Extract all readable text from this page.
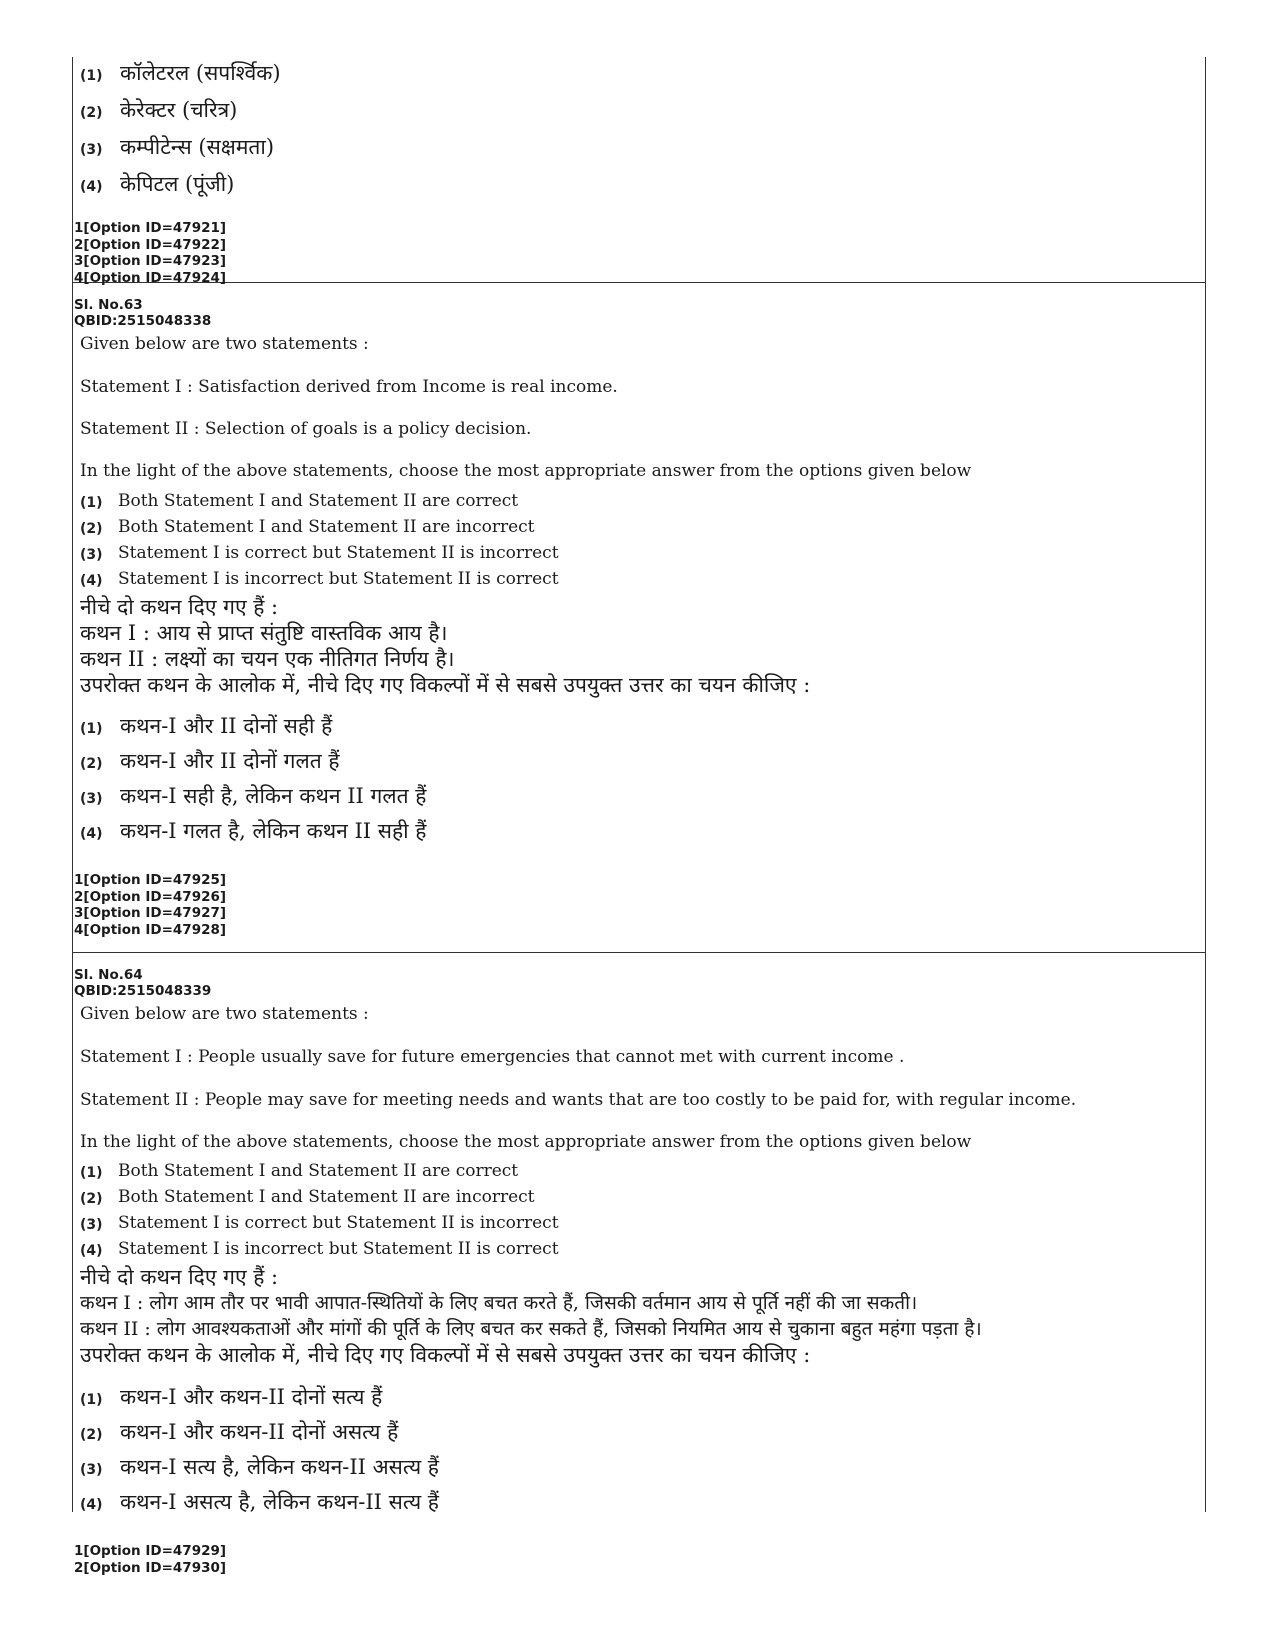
(1) कॉलेटरल (सपर्श्विक)
(2) केरेक्टर (चरित्र)
(3) कम्पीटेन्स (सक्षमता)
(4) केपिटल (पूंजी)
1[Option ID=47921]
2[Option ID=47922]
3[Option ID=47923]
4[Option ID=47924]
Sl. No.63
QBID:2515048338
Given below are two statements :
Statement I : Satisfaction derived from Income is real income.
Statement II : Selection of goals is a policy decision.
In the light of the above statements, choose the most appropriate answer from the options given below
(1) Both Statement I and Statement II are correct
(2) Both Statement I and Statement II are incorrect
(3) Statement I is correct but Statement II is incorrect
(4) Statement I is incorrect but Statement II is correct
नीचे दो कथन दिए गए हैं :
कथन I : आय से प्राप्त संतुष्टि वास्तविक आय है।
कथन II : लक्ष्यों का चयन एक नीतिगत निर्णय है।
उपरोक्त कथन के आलोक में, नीचे दिए गए विकल्पों में से सबसे उपयुक्त उत्तर का चयन कीजिए :
(1) कथन-I और II दोनों सही हैं
(2) कथन-I और II दोनों गलत हैं
(3) कथन-I सही है, लेकिन कथन II गलत हैं
(4) कथन-I गलत है, लेकिन कथन II सही हैं
1[Option ID=47925]
2[Option ID=47926]
3[Option ID=47927]
4[Option ID=47928]
Sl. No.64
QBID:2515048339
Given below are two statements :
Statement I : People usually save for future emergencies that cannot met with current income .
Statement II : People may save for meeting needs and wants that are too costly to be paid for, with regular income.
In the light of the above statements, choose the most appropriate answer from the options given below
(1) Both Statement I and Statement II are correct
(2) Both Statement I and Statement II are incorrect
(3) Statement I is correct but Statement II is incorrect
(4) Statement I is incorrect but Statement II is correct
नीचे दो कथन दिए गए हैं :
कथन I : लोग आम तौर पर भावी आपात-स्थितियों के लिए बचत करते हैं, जिसकी वर्तमान आय से पूर्ति नहीं की जा सकती।
कथन II : लोग आवश्यकताओं और मांगों की पूर्ति के लिए बचत कर सकते हैं, जिसको नियमित आय से चुकाना बहुत महंगा पड़ता है।
उपरोक्त कथन के आलोक में, नीचे दिए गए विकल्पों में से सबसे उपयुक्त उत्तर का चयन कीजिए :
(1) कथन-I और कथन-II दोनों सत्य हैं
(2) कथन-I और कथन-II दोनों असत्य हैं
(3) कथन-I सत्य है, लेकिन कथन-II असत्य हैं
(4) कथन-I असत्य है, लेकिन कथन-II सत्य हैं
1[Option ID=47929]
2[Option ID=47930]
